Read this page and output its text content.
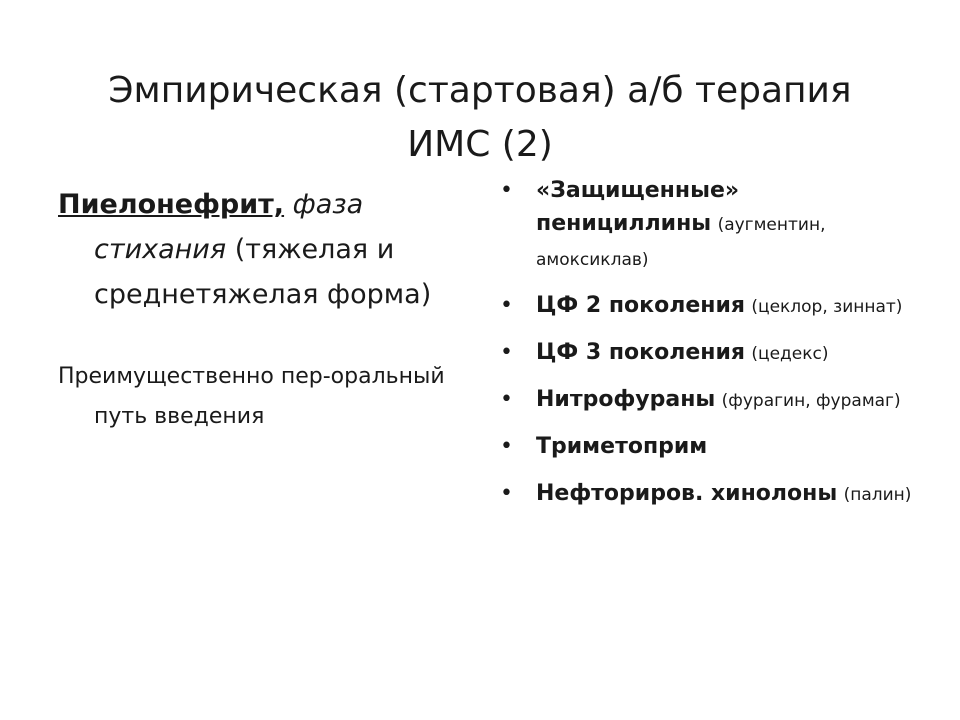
Эмпирическая (стартовая) а/б терапия ИМС (2)

Пиелонефрит, фаза стихания (тяжелая и среднетяжелая форма)

Преимущественно пер-оральный путь введения
• «Защищенные» пенициллины (аугментин, амоксиклав)
• ЦФ 2 поколения (цеклор, зиннат)
• ЦФ 3 поколения (цедекс)
• Нитрофураны (фурагин, фурамаг)
• Триметоприм
• Нефториров. хинолоны (палин)
